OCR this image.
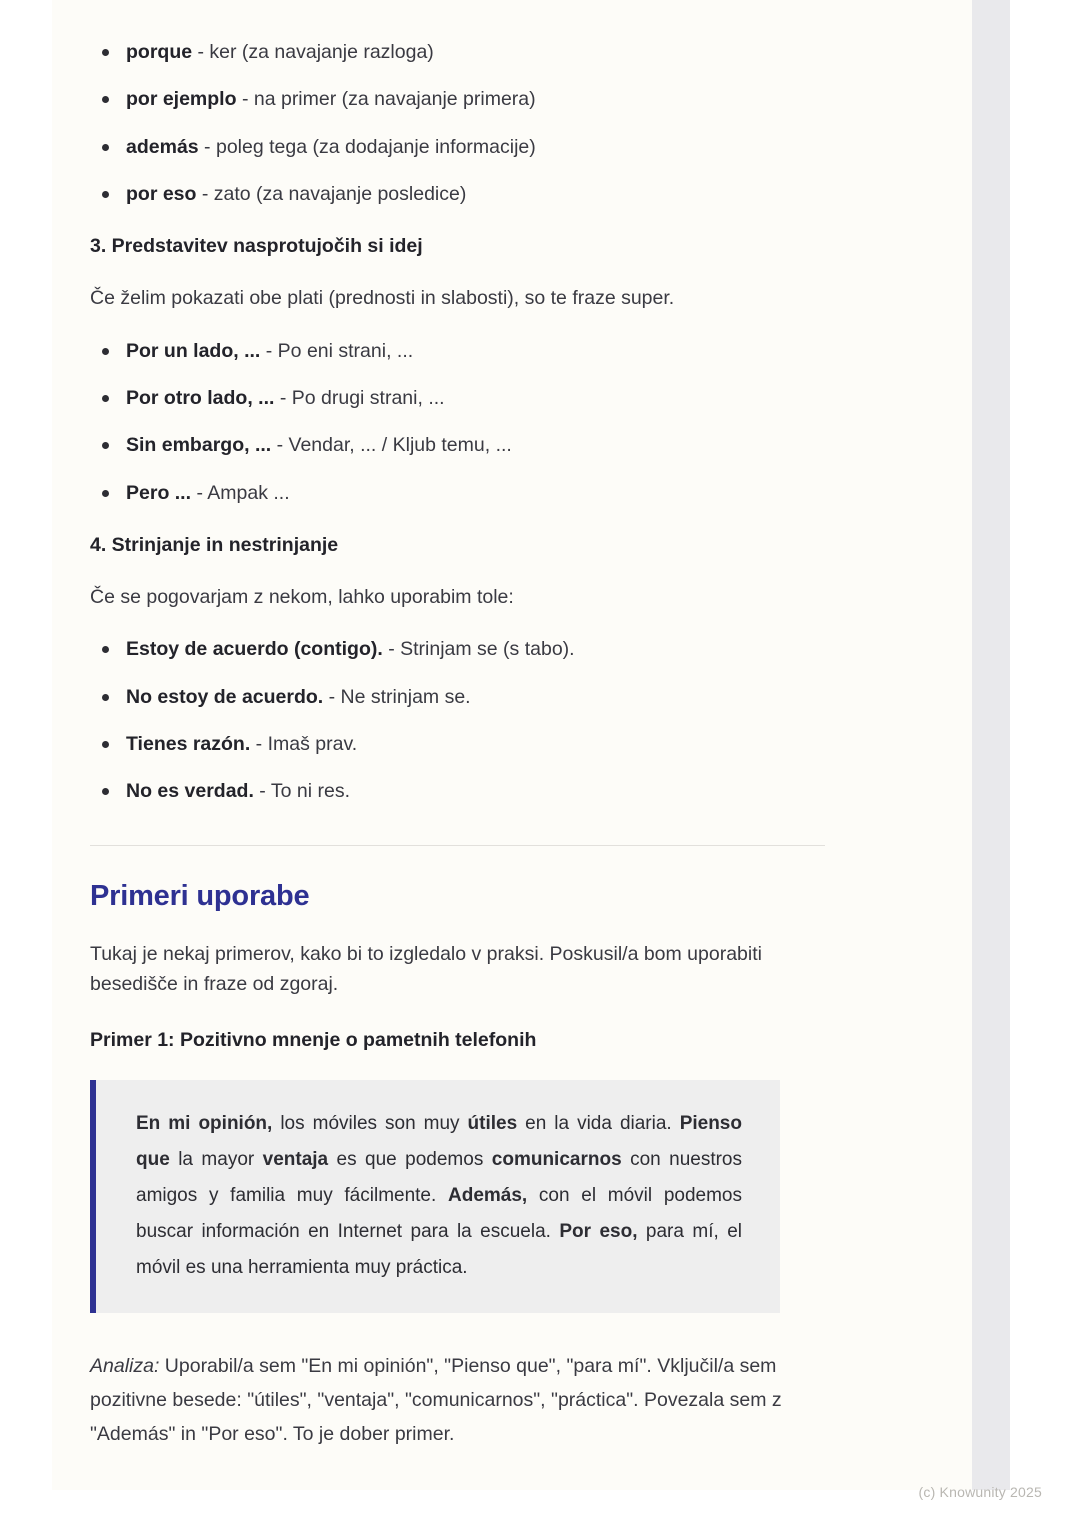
porque - ker (za navajanje razloga)
por ejemplo - na primer (za navajanje primera)
además - poleg tega (za dodajanje informacije)
por eso - zato (za navajanje posledice)
3. Predstavitev nasprotujočih si idej
Če želim pokazati obe plati (prednosti in slabosti), so te fraze super.
Por un lado, ... - Po eni strani, ...
Por otro lado, ... - Po drugi strani, ...
Sin embargo, ... - Vendar, ... / Kljub temu, ...
Pero ... - Ampak ...
4. Strinjanje in nestrinjanje
Če se pogovarjam z nekom, lahko uporabim tole:
Estoy de acuerdo (contigo). - Strinjam se (s tabo).
No estoy de acuerdo. - Ne strinjam se.
Tienes razón. - Imaš prav.
No es verdad. - To ni res.
Primeri uporabe
Tukaj je nekaj primerov, kako bi to izgledalo v praksi. Poskusil/a bom uporabiti besedišče in fraze od zgoraj.
Primer 1: Pozitivno mnenje o pametnih telefonih

En mi opinión, los móviles son muy útiles en la vida diaria. Pienso que la mayor ventaja es que podemos comunicarnos con nuestros amigos y familia muy fácilmente. Además, con el móvil podemos buscar información en Internet para la escuela. Por eso, para mí, el móvil es una herramienta muy práctica.

Analiza: Uporabil/a sem "En mi opinión", "Pienso que", "para mí". Vključil/a sem pozitivne besede: "útiles", "ventaja", "comunicarnos", "práctica". Povezala sem z "Además" in "Por eso". To je dober primer.
(c) Knowunity 2025
